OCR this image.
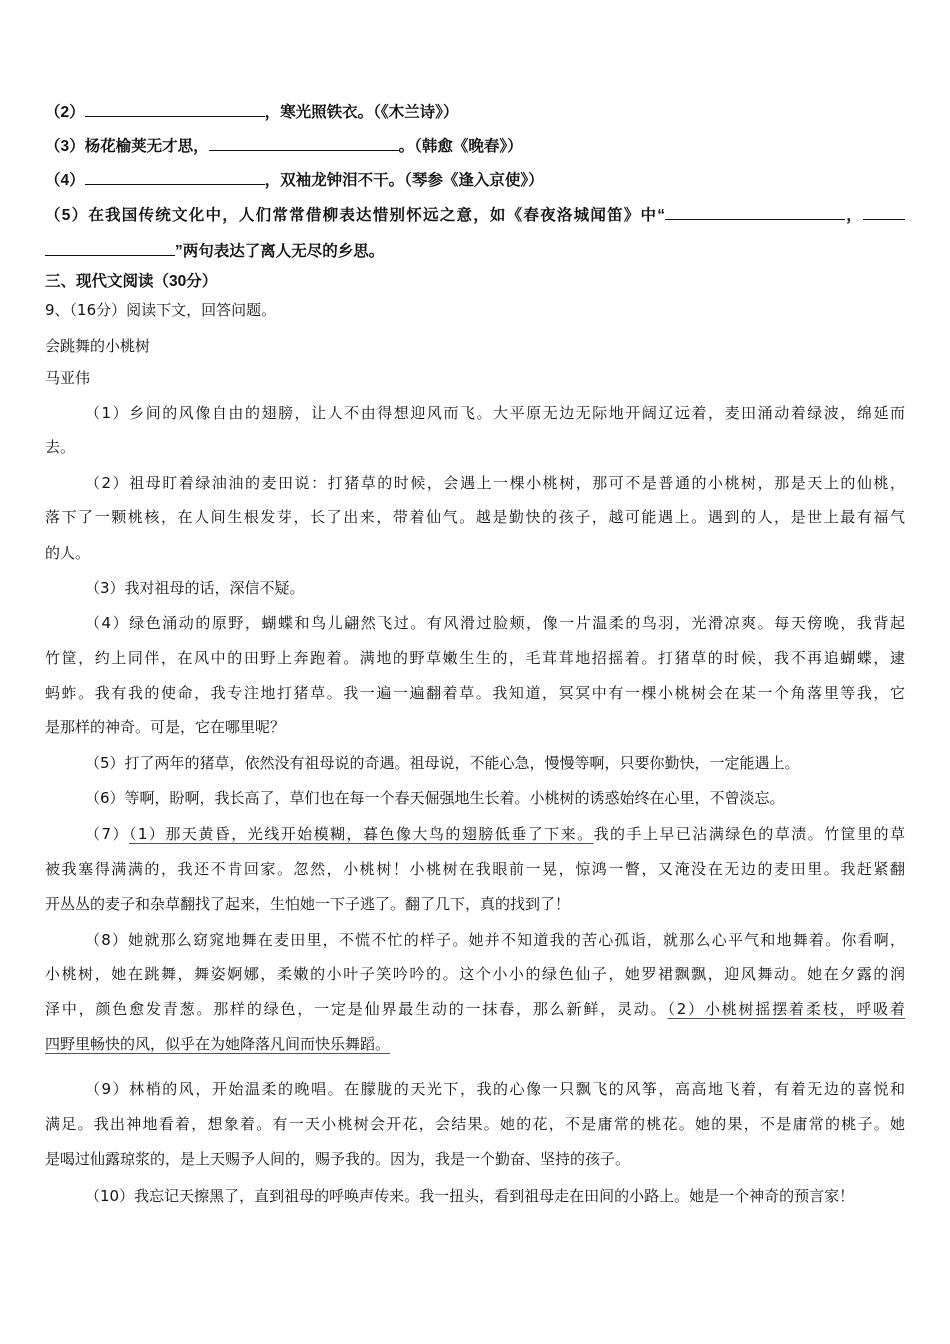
（2）	，寒光照铁衣。（《木兰诗》）
（3）杨花榆荚无才思，	。（韩愈《晚春》）
（4）	，双袖龙钟泪不干。（琴参《逢入京使》）
（5）在我国传统文化中，人们常常借柳表达惜别怀远之意，如《春夜洛城闻笛》中“	，
”两句表达了离人无尽的乡思。
三、现代文阅读（30分）
9、（16分）阅读下文，回答问题。
会跳舞的小桃树
马亚伟
（1）乡间的风像自由的翅膀，让人不由得想迎风而飞。大平原无边无际地开阔辽远着，麦田涌动着绿波，绵延而
去。
（2）祖母盯着绿油油的麦田说：打猪草的时候，会遇上一棵小桃树，那可不是普通的小桃树，那是天上的仙桃，
落下了一颗桃核，在人间生根发芽，长了出来，带着仙气。越是勤快的孩子，越可能遇上。遇到的人，是世上最有福气
的人。
（3）我对祖母的话，深信不疑。
（4）绿色涌动的原野，蝴蝶和鸟儿翩然飞过。有风滑过脸颊，像一片温柔的鸟羽，光滑凉爽。每天傍晚，我背起
竹筐，约上同伴，在风中的田野上奔跑着。满地的野草嫩生生的，毛茸茸地招摇着。打猪草的时候，我不再追蝴蝶，逮
蚂蚱。我有我的使命，我专注地打猪草。我一遍一遍翻着草。我知道，冥冥中有一棵小桃树会在某一个角落里等我，它
是那样的神奇。可是，它在哪里呢？
（5）打了两年的猪草，依然没有祖母说的奇遇。祖母说，不能心急，慢慢等啊，只要你勤快，一定能遇上。
（6）等啊，盼啊，我长高了，草们也在每一个春天倔强地生长着。小桃树的诱惑始终在心里，不曾淡忘。
（7）（1）那天黄昏，光线开始模糊，暮色像大鸟的翅膀低垂了下来。我的手上早已沾满绿色的草渍。竹筐里的草
被我塞得满满的，我还不肯回家。忽然，小桃树！小桃树在我眼前一晃，惊鸿一瞥，又淹没在无边的麦田里。我赶紧翻
开丛丛的麦子和杂草翻找了起来，生怕她一下子逃了。翻了几下，真的找到了！
（8）她就那么窈窕地舞在麦田里，不慌不忙的样子。她并不知道我的苦心孤诣，就那么心平气和地舞着。你看啊，
小桃树，她在跳舞，舞姿婀娜，柔嫩的小叶子笑吟吟的。这个小小的绿色仙子，她罗裙飘飘，迎风舞动。她在夕露的润
泽中，颜色愈发青葱。那样的绿色，一定是仙界最生动的一抹春，那么新鲜，灵动。（2）小桃树摇摆着柔枝，呼吸着
四野里畅快的风，似乎在为她降落凡间而快乐舞蹈。
（9）林梢的风，开始温柔的晚唱。在朦胧的天光下，我的心像一只飘飞的风筝，高高地飞着，有着无边的喜悦和
满足。我出神地看着，想象着。有一天小桃树会开花，会结果。她的花，不是庸常的桃花。她的果，不是庸常的桃子。她
是喝过仙露琼浆的，是上天赐予人间的，赐予我的。因为，我是一个勤奋、坚持的孩子。
（10）我忘记天擦黑了，直到祖母的呼唤声传来。我一扭头，看到祖母走在田间的小路上。她是一个神奇的预言家！
